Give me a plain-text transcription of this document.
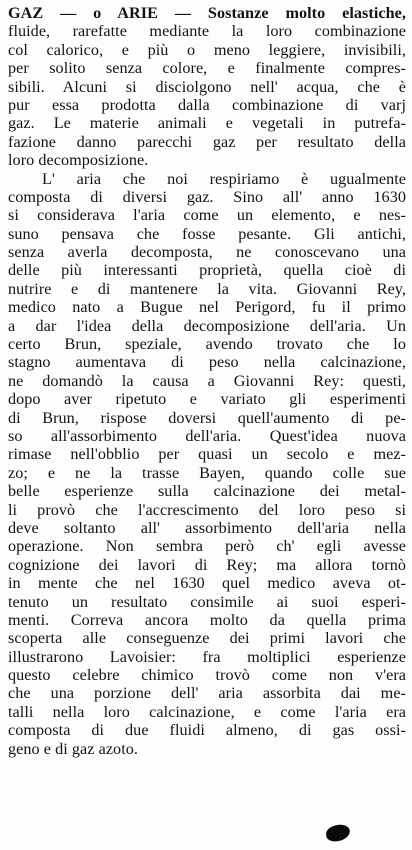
GAZ — o ARIE — Sostanze molto elastiche,
fluide, rarefatte mediante la loro combinazione
col calorico, e più o meno leggiere, invisibili,
per solito senza colore, e finalmente compres-
sibili. Alcuni si disciolgono nell' acqua, che è
pur essa prodotta dalla combinazione di varj
gaz. Le materie animali e vegetali in putrefa-
fazione danno parecchi gaz per resultato della
loro decomposizione.
L' aria che noi respiriamo è ugualmente
composta di diversi gaz. Sino all' anno 1630
si considerava l'aria come un elemento, e nes-
suno pensava che fosse pesante. Gli antichi,
senza averla decomposta, ne conoscevano una
delle più interessanti proprietà, quella cioè di
nutrire e di mantenere la vita. Giovanni Rey,
medico nato a Bugue nel Perigord, fu il primo
a dar l'idea della decomposizione dell'aria. Un
certo Brun, speziale, avendo trovato che lo
stagno aumentava di peso nella calcinazione,
ne domandò la causa a Giovanni Rey: questi,
dopo aver ripetuto e variato gli esperimenti
di Brun, rispose doversi quell'aumento di pe-
so all'assorbimento dell'aria. Quest'idea nuova
rimase nell'obblio per quasi un secolo e mez-
zo; e ne la trasse Bayen, quando colle sue
belle esperienze sulla calcinazione dei metal-
li provò che l'accrescimento del loro peso si
deve soltanto all' assorbimento dell'aria nella
operazione. Non sembra però ch' egli avesse
cognizione dei lavori di Rey; ma allora tornò
in mente che nel 1630 quel medico aveva ot-
tenuto un resultato consimile ai suoi esperi-
menti. Correva ancora molto da quella prima
scoperta alle conseguenze dei primi lavori che
illustrarono Lavoisier: fra moltiplici esperienze
questo celebre chimico trovò come non v'era
che una porzione dell' aria assorbita dai me-
talli nella loro calcinazione, e come l'aria era
composta di due fluidi almeno, di gas ossi-
geno e di gaz azoto.
